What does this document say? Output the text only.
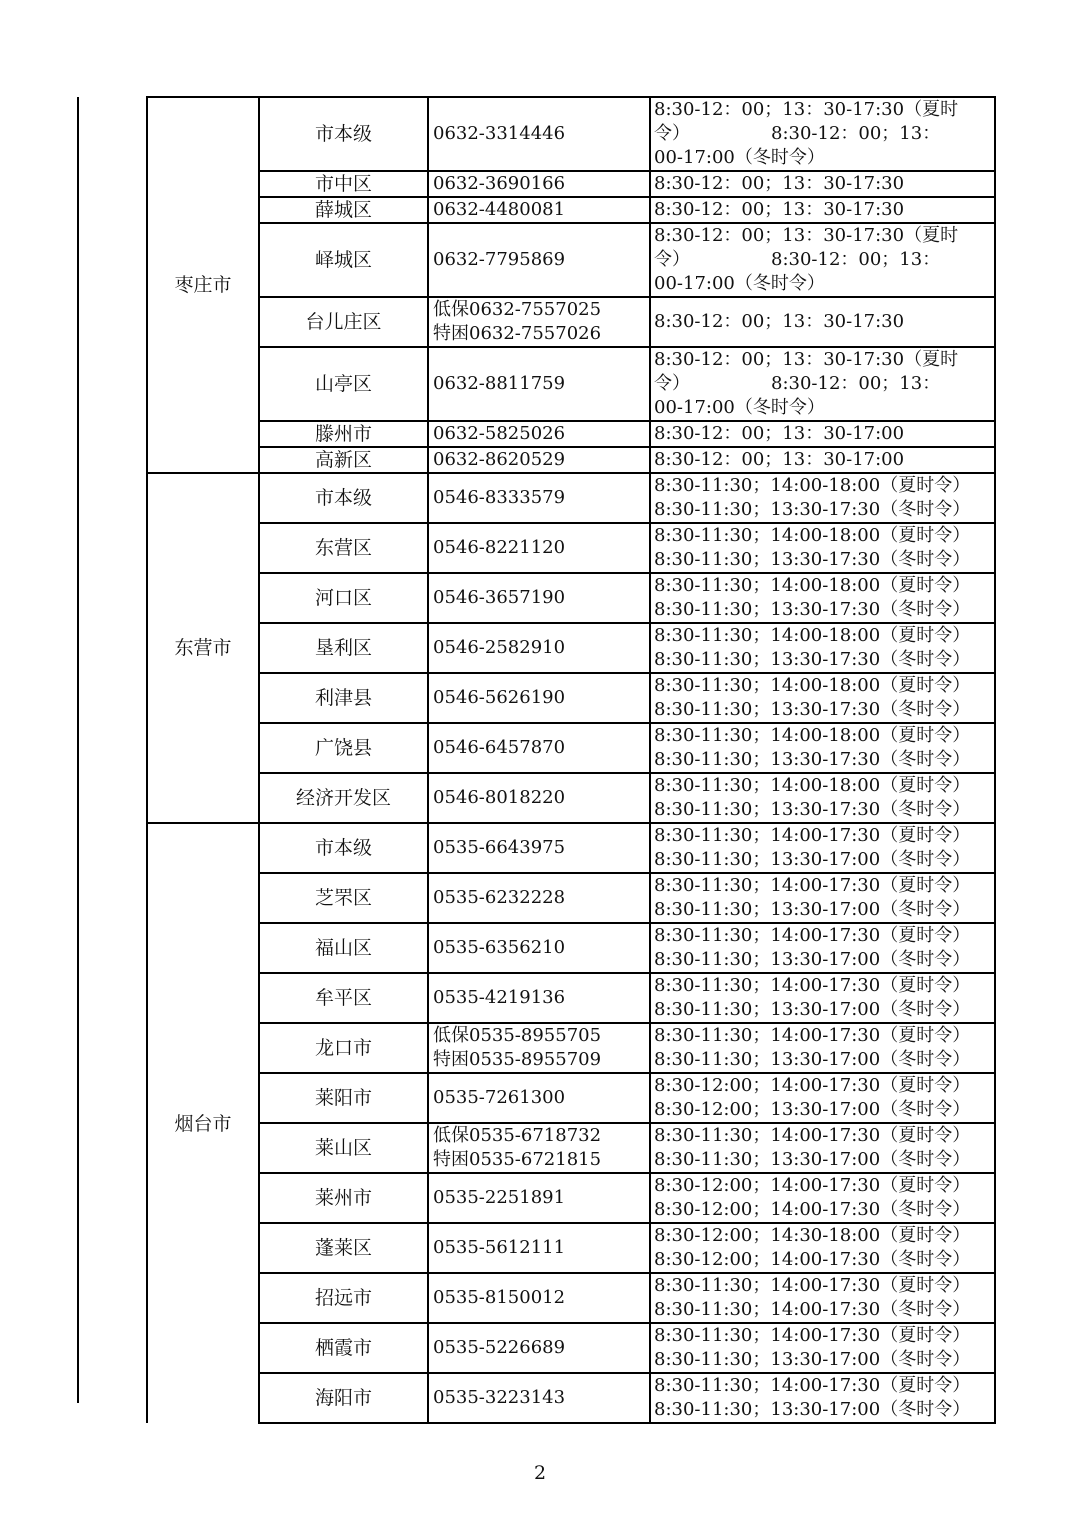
枣庄市	市本级	0632-3314446	8:30-12：00；13：30-17:30（夏时
令）　　　　　8:30-12：00；13：
00-17:00（冬时令）

	市中区	0632-3690166	8:30-12：00；13：30-17:30

	薛城区	0632-4480081	8:30-12：00；13：30-17:30

	峄城区	0632-7795869	8:30-12：00；13：30-17:30（夏时
令）　　　　　8:30-12：00；13：
00-17:00（冬时令）

	台儿庄区	低保0632-7557025
特困0632-7557026	8:30-12：00；13：30-17:30

	山亭区	0632-8811759	8:30-12：00；13：30-17:30（夏时
令）　　　　　8:30-12：00；13：
00-17:00（冬时令）

	滕州市	0632-5825026	8:30-12：00；13：30-17:00

	高新区	0632-8620529	8:30-12：00；13：30-17:00

东营市	市本级	0546-8333579	8:30-11:30；14:00-18:00（夏时令）
8:30-11:30；13:30-17:30（冬时令）

	东营区	0546-8221120	8:30-11:30；14:00-18:00（夏时令）
8:30-11:30；13:30-17:30（冬时令）

	河口区	0546-3657190	8:30-11:30；14:00-18:00（夏时令）
8:30-11:30；13:30-17:30（冬时令）

	垦利区	0546-2582910	8:30-11:30；14:00-18:00（夏时令）
8:30-11:30；13:30-17:30（冬时令）

	利津县	0546-5626190	8:30-11:30；14:00-18:00（夏时令）
8:30-11:30；13:30-17:30（冬时令）

	广饶县	0546-6457870	8:30-11:30；14:00-18:00（夏时令）
8:30-11:30；13:30-17:30（冬时令）

	经济开发区	0546-8018220	8:30-11:30；14:00-18:00（夏时令）
8:30-11:30；13:30-17:30（冬时令）

烟台市	市本级	0535-6643975	8:30-11:30；14:00-17:30（夏时令）
8:30-11:30；13:30-17:00（冬时令）

	芝罘区	0535-6232228	8:30-11:30；14:00-17:30（夏时令）
8:30-11:30；13:30-17:00（冬时令）

	福山区	0535-6356210	8:30-11:30；14:00-17:30（夏时令）
8:30-11:30；13:30-17:00（冬时令）

	牟平区	0535-4219136	8:30-11:30；14:00-17:30（夏时令）
8:30-11:30；13:30-17:00（冬时令）

	龙口市	低保0535-8955705
特困0535-8955709	8:30-11:30；14:00-17:30（夏时令）
8:30-11:30；13:30-17:00（冬时令）

	莱阳市	0535-7261300	8:30-12:00；14:00-17:30（夏时令）
8:30-12:00；13:30-17:00（冬时令）

	莱山区	低保0535-6718732
特困0535-6721815	8:30-11:30；14:00-17:30（夏时令）
8:30-11:30；13:30-17:00（冬时令）

	莱州市	0535-2251891	8:30-12:00；14:00-17:30（夏时令）
8:30-12:00；14:00-17:30（冬时令）

	蓬莱区	0535-5612111	8:30-12:00；14:30-18:00（夏时令）
8:30-12:00；14:00-17:30（冬时令）

	招远市	0535-8150012	8:30-11:30；14:00-17:30（夏时令）
8:30-11:30；14:00-17:30（冬时令）

	栖霞市	0535-5226689	8:30-11:30；14:00-17:30（夏时令）
8:30-11:30；13:30-17:00（冬时令）

	海阳市	0535-3223143	8:30-11:30；14:00-17:30（夏时令）
8:30-11:30；13:30-17:00（冬时令）
2
